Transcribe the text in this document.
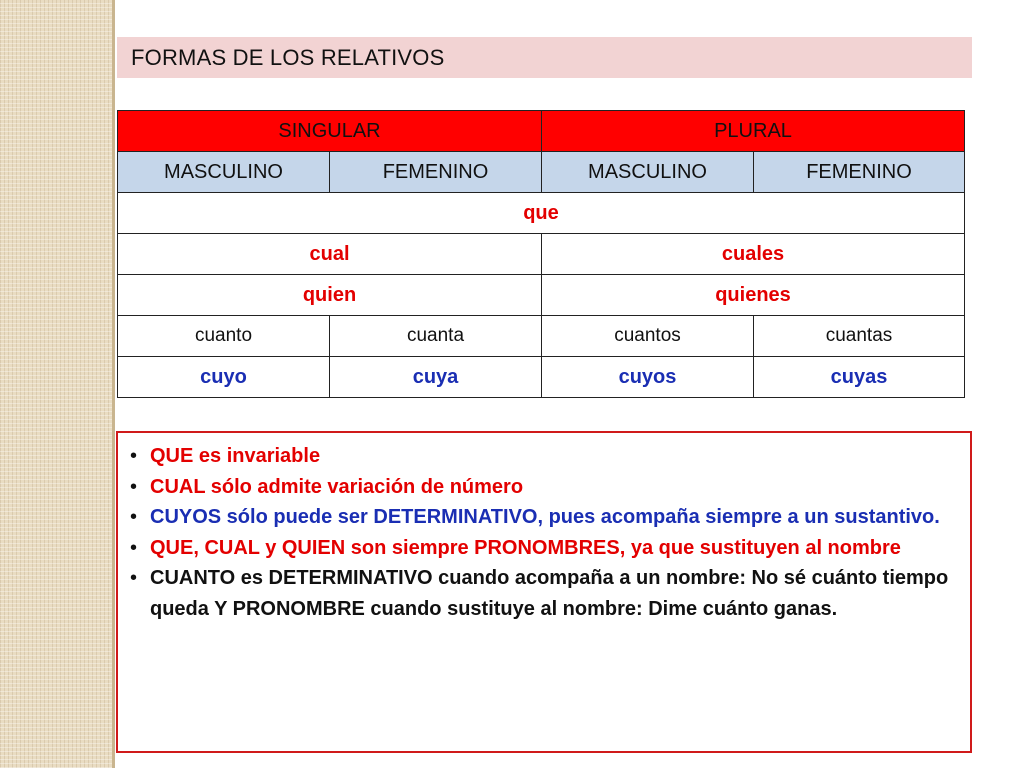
FORMAS DE LOS RELATIVOS
SINGULAR		PLURAL	
MASCULINO	FEMENINO	MASCULINO	FEMENINO
que			
cual		cuales	
quien		quienes	
cuanto	cuanta	cuantos	cuantas
cuyo	cuya	cuyos	cuyas
• QUE es invariable
• CUAL sólo admite variación de número
• CUYOS sólo puede ser DETERMINATIVO, pues acompaña siempre a un sustantivo.
• QUE, CUAL y QUIEN son siempre PRONOMBRES, ya que sustituyen al nombre
• CUANTO es DETERMINATIVO cuando acompaña a un nombre: No sé cuánto tiempo queda Y PRONOMBRE cuando sustituye al nombre: Dime cuánto ganas.
